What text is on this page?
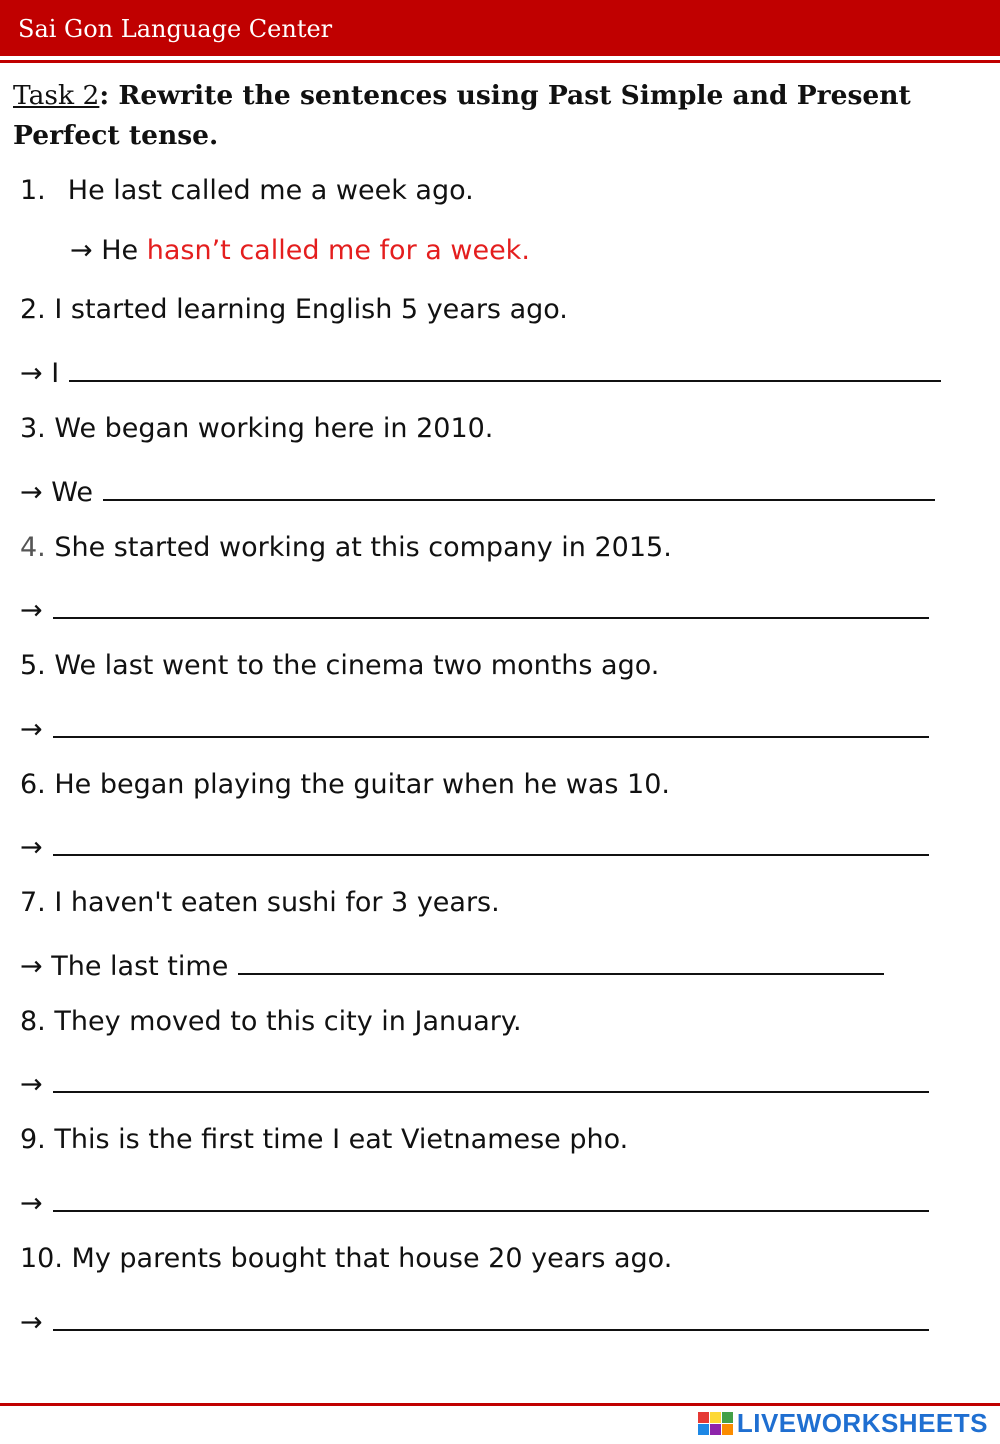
Sai Gon Language Center
Task 2: Rewrite the sentences using Past Simple and Present Perfect tense.
1. He last called me a week ago.
→ He hasn’t called me for a week.
2. I started learning English 5 years ago.
→ I
3. We began working here in 2010.
→ We
4. She started working at this company in 2015.
→
5. We last went to the cinema two months ago.
→
6. He began playing the guitar when he was 10.
→
7. I haven't eaten sushi for 3 years.
→ The last time
8. They moved to this city in January.
→
9. This is the first time I eat Vietnamese pho.
→
10. My parents bought that house 20 years ago.
→
LIVEWORKSHEETS
